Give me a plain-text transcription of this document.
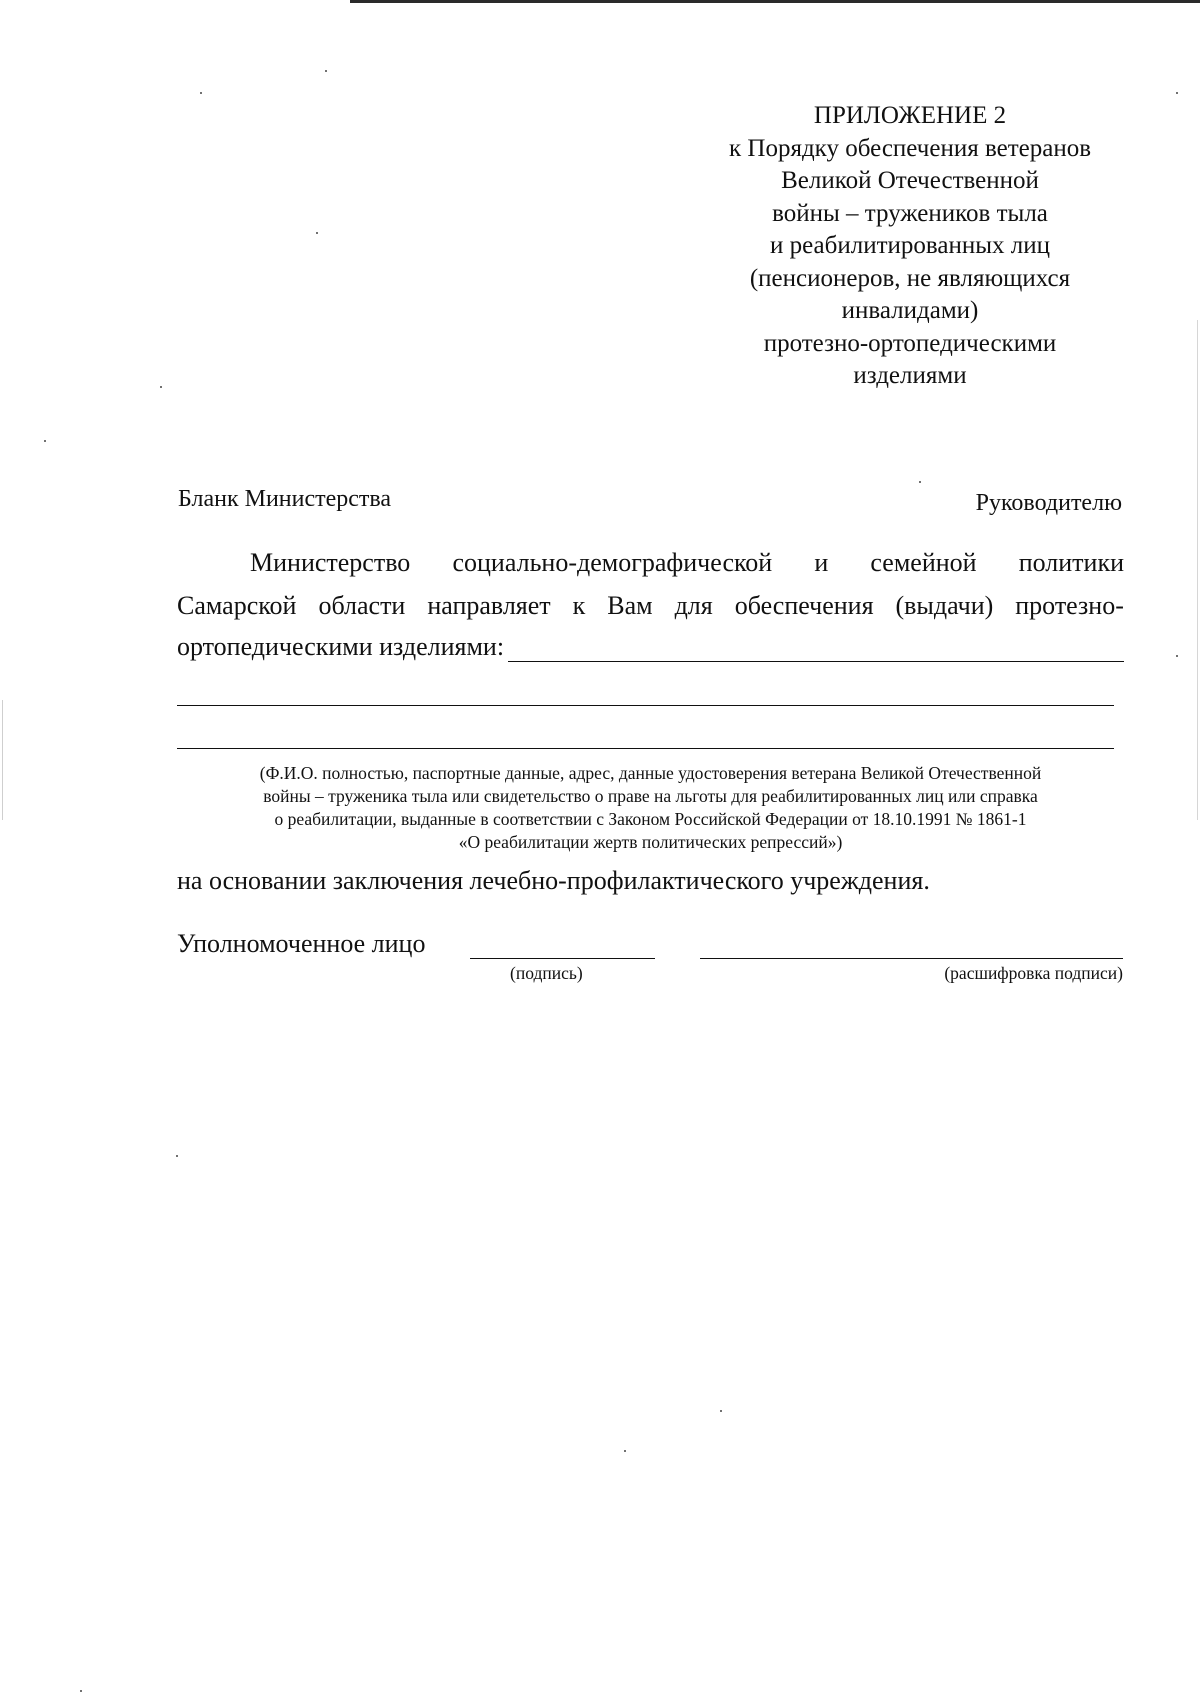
ПРИЛОЖЕНИЕ 2
к Порядку обеспечения ветеранов
Великой Отечественной
войны – тружеников тыла
и реабилитированных лиц
(пенсионеров, не являющихся
инвалидами)
протезно-ортопедическими
изделиями
Бланк Министерства	Руководителю
Министерство социально-демографической и семейной политики
Самарской области направляет к Вам для обеспечения (выдачи) протезно-
ортопедическими изделиями:
(Ф.И.О. полностью, паспортные данные, адрес, данные удостоверения ветерана Великой Отечественной
войны – труженика тыла или свидетельство о праве на льготы для реабилитированных лиц или справка
о реабилитации, выданные в соответствии с Законом Российской Федерации от 18.10.1991 № 1861-1
«О реабилитации жертв политических репрессий»)
на основании заключения лечебно-профилактического учреждения.
Уполномоченное лицо
(подпись)	(расшифровка подписи)
